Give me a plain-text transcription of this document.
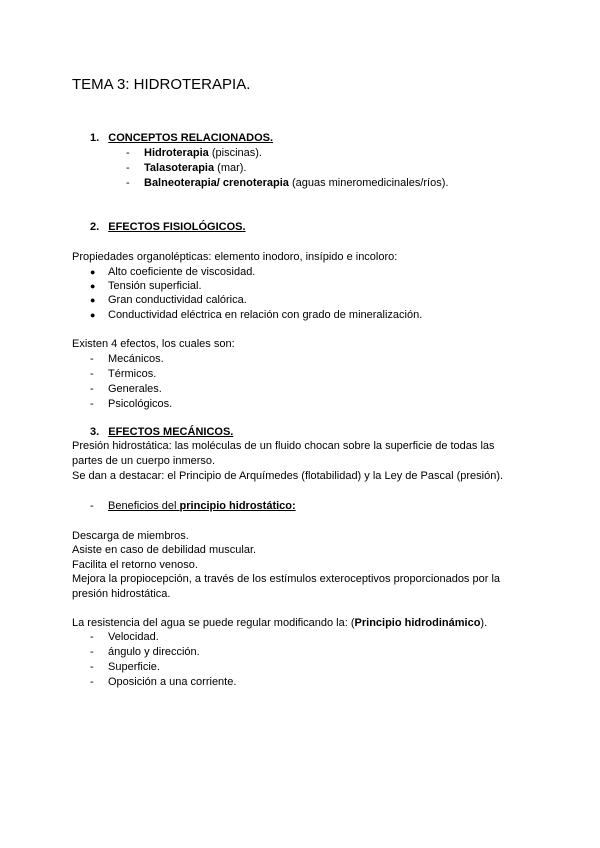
TEMA 3: HIDROTERAPIA.
1. CONCEPTOS RELACIONADOS.
- Hidroterapia (piscinas).
- Talasoterapia (mar).
- Balneoterapia/ crenoterapia (aguas mineromedicinales/ríos).
2. EFECTOS FISIOLÓGICOS.
Propiedades organolépticas: elemento inodoro, insípido e incoloro:
● Alto coeficiente de viscosidad.
● Tensión superficial.
● Gran conductividad calórica.
● Conductividad eléctrica en relación con grado de mineralización.
Existen 4 efectos, los cuales son:
- Mecánicos.
- Térmicos.
- Generales.
- Psicológicos.
3. EFECTOS MECÁNICOS.
Presión hidrostática: las moléculas de un fluido chocan sobre la superficie de todas las
partes de un cuerpo inmerso.
Se dan a destacar: el Principio de Arquímedes (flotabilidad) y la Ley de Pascal (presión).
- Beneficios del principio hidrostático:
Descarga de miembros.
Asiste en caso de debilidad muscular.
Facilita el retorno venoso.
Mejora la propiocepción, a través de los estímulos exteroceptivos proporcionados por la
presión hidrostática.
La resistencia del agua se puede regular modificando la: (Principio hidrodinámico).
- Velocidad.
- ángulo y dirección.
- Superficie.
- Oposición a una corriente.
